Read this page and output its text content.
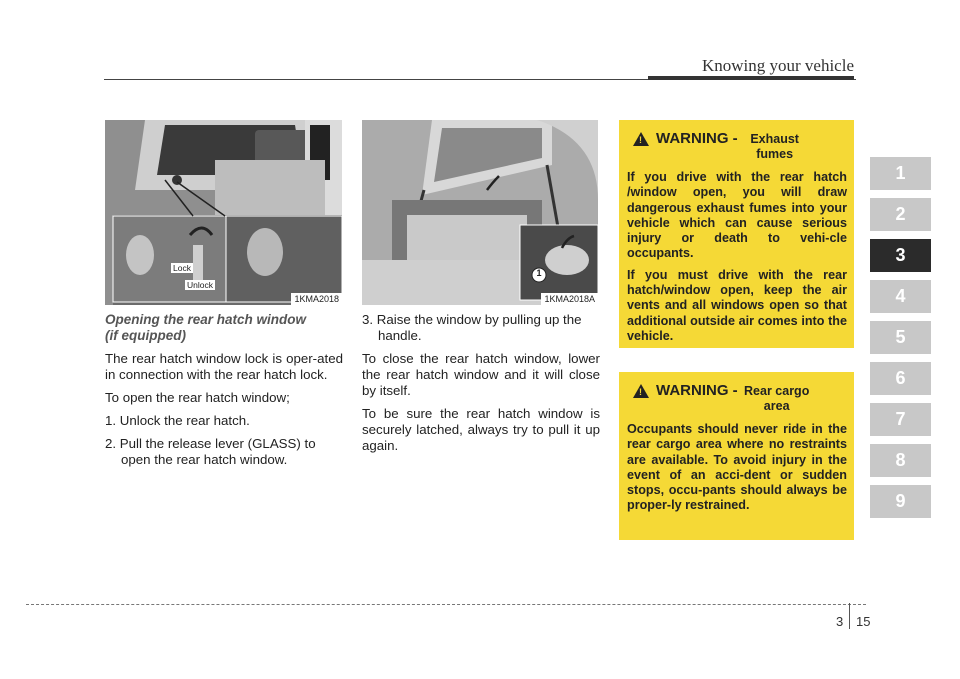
Knowing your vehicle
1
2
3
4
5
6
7
8
9
Lock
Unlock
1KMA2018
1
1KMA2018A
Opening the rear hatch window
(if equipped)

The rear hatch window lock is oper-ated in connection with the rear hatch lock.

To open the rear hatch window;

1. Unlock the rear hatch.

2. Pull the release lever (GLASS) to open the rear hatch window.

3. Raise the window by pulling up the handle.

To close the rear hatch window, lower the rear hatch window and it will close by itself.

To be sure the rear hatch window is securely latched, always try to pull it up again.

! WARNING -	Exhaust fumes

If you drive with the rear hatch /window open, you will draw dangerous exhaust fumes into your vehicle which can cause serious injury or death to vehi-cle occupants.

If you must drive with the rear hatch/window open, keep the air vents and all windows open so that additional outside air comes into the vehicle.

! WARNING - Rear cargo area

Occupants should never ride in the rear cargo area where no restraints are available. To avoid injury in the event of an acci-dent or sudden stops, occu-pants should always be proper-ly restrained.

3 15
